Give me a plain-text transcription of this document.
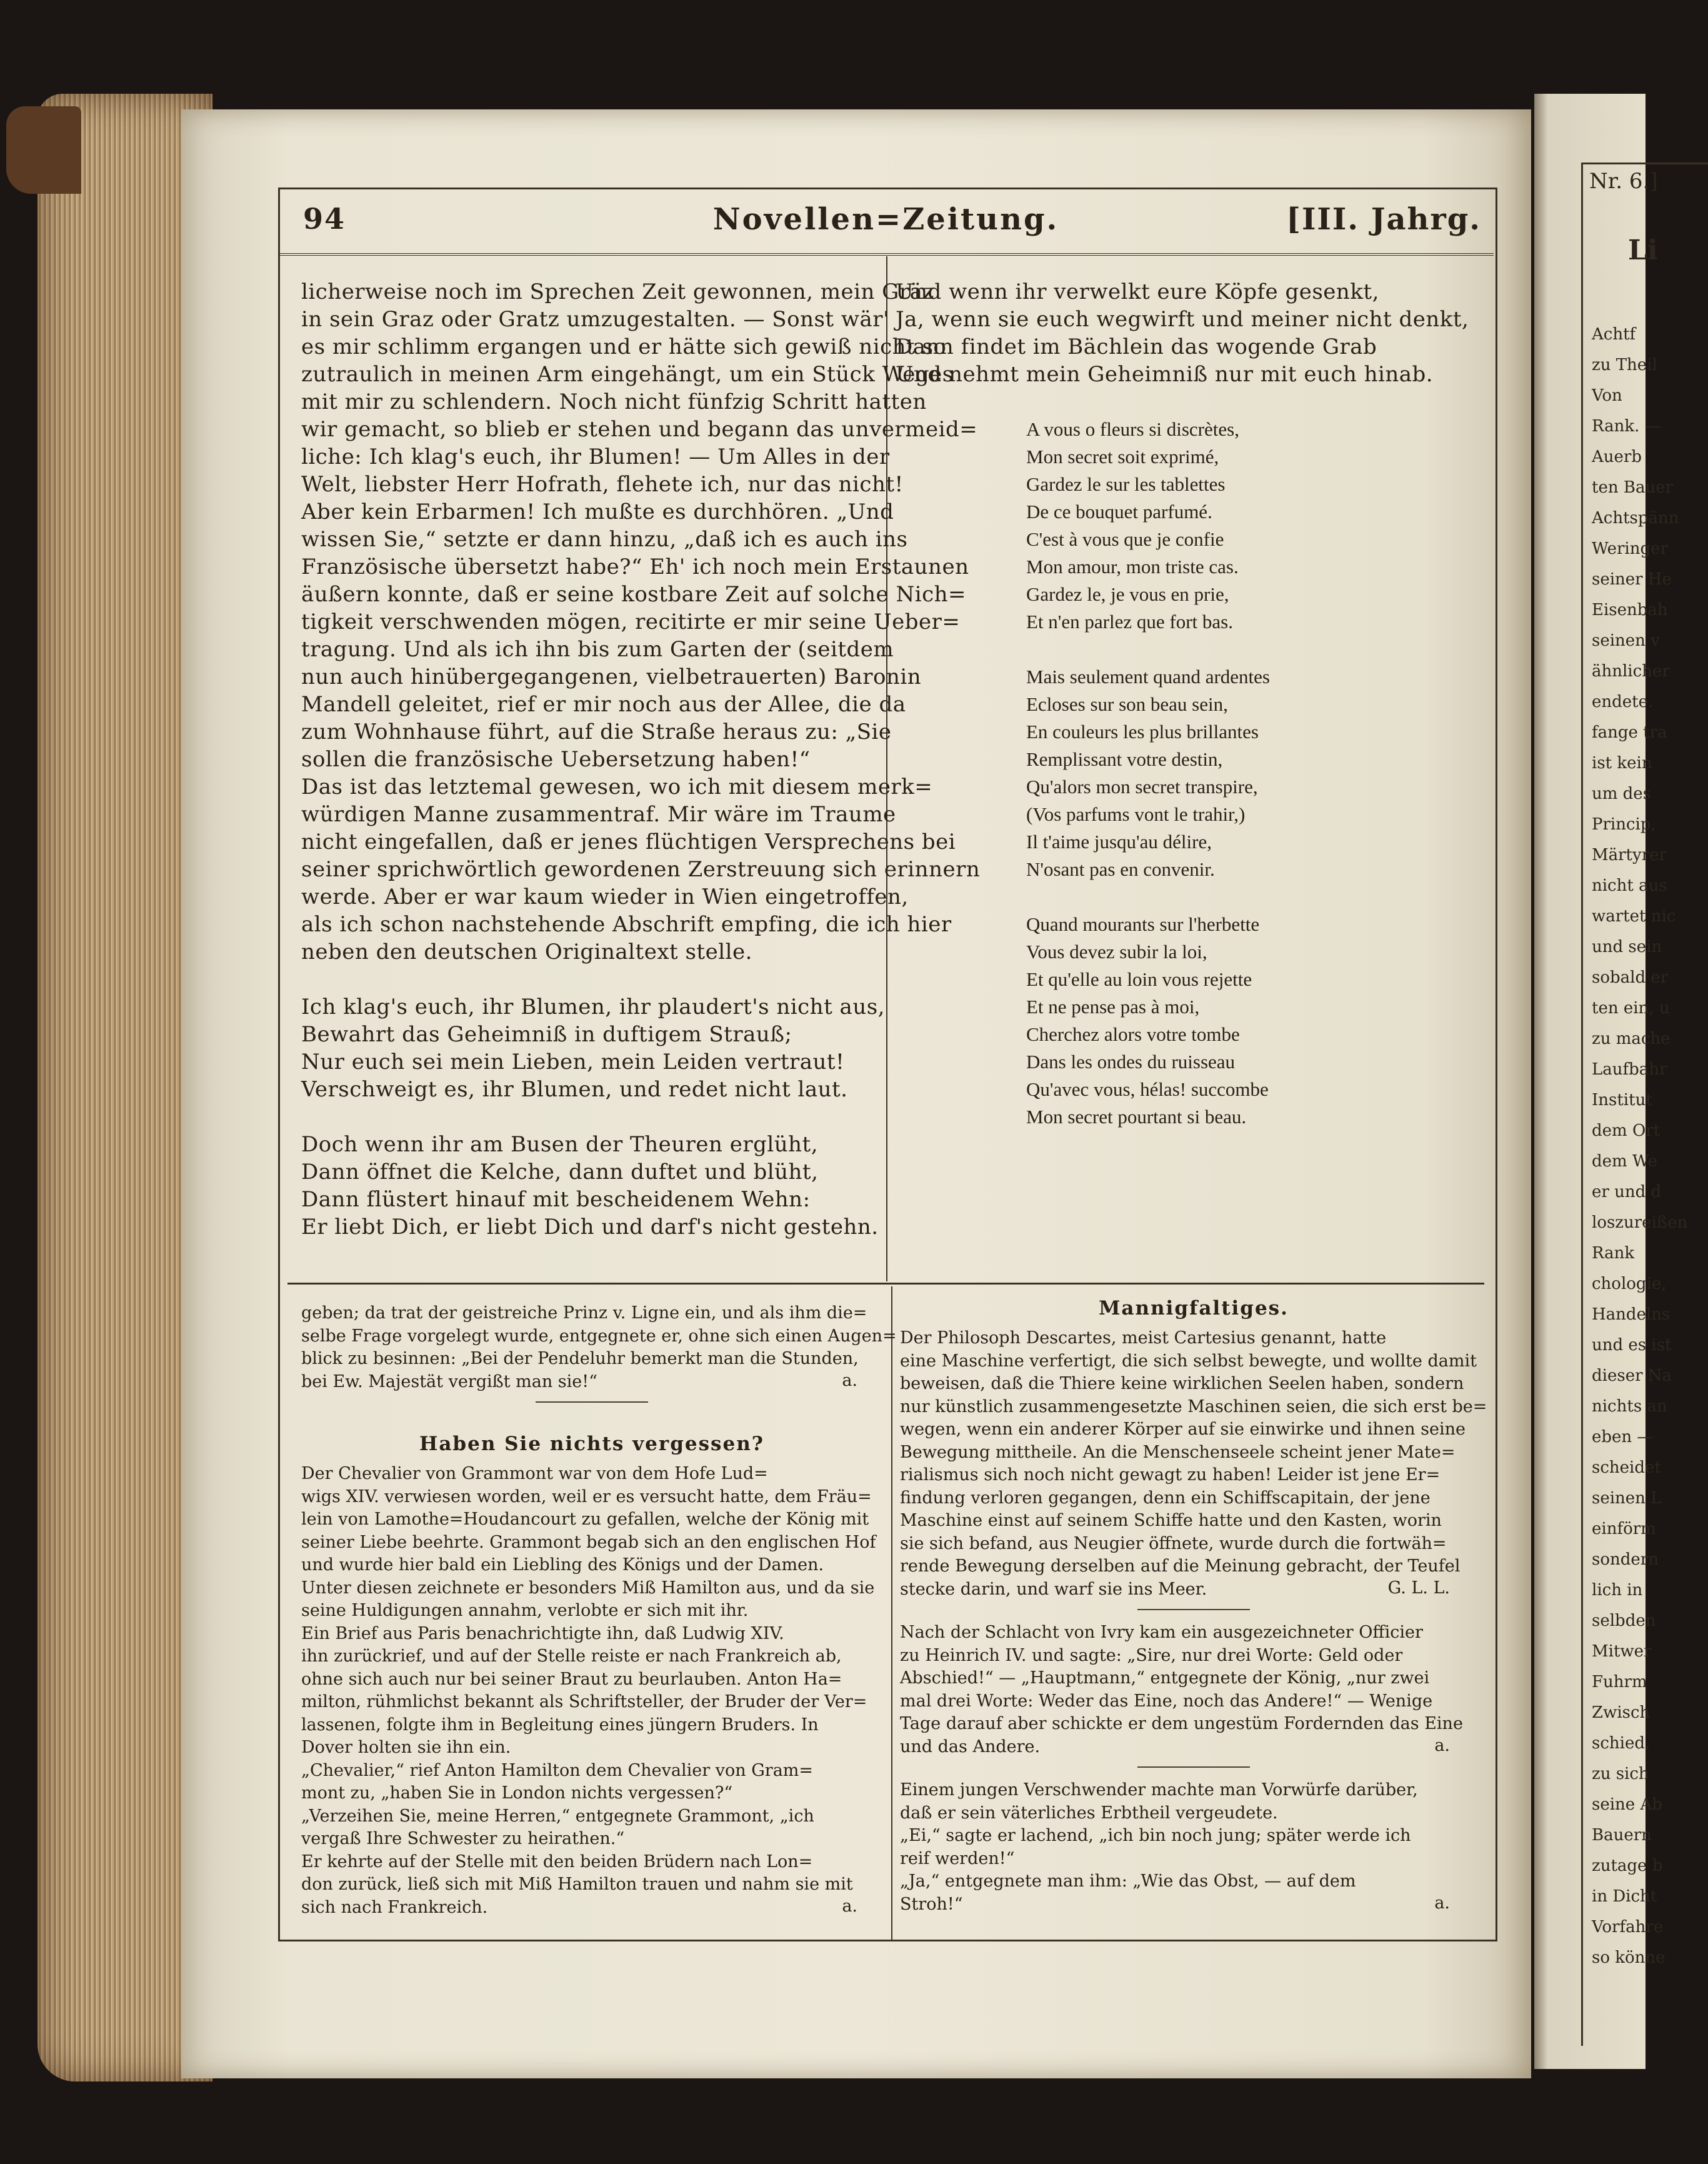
Nr. 6.]
Li
Achtf
zu Theil
Von
Rank. —
Auerb
ten Bauer
Achtspänn
Weringer
seiner He
Eisenbah
seinen v
ähnlicher
endete.
fange tra
ist kein
um des
Princip,
Märtyrer
nicht aus
wartet nic
und sein
sobald er
ten ein, u
zu mache
Laufbahr
Institut
dem Ort
dem We
er und d
loszureißen
Rank
chologie,
Handelns
und es ist
dieser Na
nichts an
eben —
scheidet
seinen L
einförm
sondern
lich in
selbden
Mitwer
Fuhrm
Zwisch
schied,
zu sich
seine Ab
Bauern
zutage b
in Dicht
Vorfahre
so könne
94	Novellen=Zeitung.	[III. Jahrg.
licherweise noch im Sprechen Zeit gewonnen, mein Gräz
in sein Graz oder Gratz umzugestalten. — Sonst wär'
es mir schlimm ergangen und er hätte sich gewiß nicht so
zutraulich in meinen Arm eingehängt, um ein Stück Weges
mit mir zu schlendern. Noch nicht fünfzig Schritt hatten
wir gemacht, so blieb er stehen und begann das unvermeid=
liche: Ich klag's euch, ihr Blumen! — Um Alles in der
Welt, liebster Herr Hofrath, flehete ich, nur das nicht!
Aber kein Erbarmen! Ich mußte es durchhören. „Und
wissen Sie,“ setzte er dann hinzu, „daß ich es auch ins
Französische übersetzt habe?“ Eh' ich noch mein Erstaunen
äußern konnte, daß er seine kostbare Zeit auf solche Nich=
tigkeit verschwenden mögen, recitirte er mir seine Ueber=
tragung. Und als ich ihn bis zum Garten der (seitdem
nun auch hinübergegangenen, vielbetrauerten) Baronin
Mandell geleitet, rief er mir noch aus der Allee, die da
zum Wohnhause führt, auf die Straße heraus zu: „Sie
sollen die französische Uebersetzung haben!“
Das ist das letztemal gewesen, wo ich mit diesem merk=
würdigen Manne zusammentraf. Mir wäre im Traume
nicht eingefallen, daß er jenes flüchtigen Versprechens bei
seiner sprichwörtlich gewordenen Zerstreuung sich erinnern
werde. Aber er war kaum wieder in Wien eingetroffen,
als ich schon nachstehende Abschrift empfing, die ich hier
neben den deutschen Originaltext stelle.
Ich klag's euch, ihr Blumen, ihr plaudert's nicht aus,
Bewahrt das Geheimniß in duftigem Strauß;
Nur euch sei mein Lieben, mein Leiden vertraut!
Verschweigt es, ihr Blumen, und redet nicht laut.
Doch wenn ihr am Busen der Theuren erglüht,
Dann öffnet die Kelche, dann duftet und blüht,
Dann flüstert hinauf mit bescheidenem Wehn:
Er liebt Dich, er liebt Dich und darf's nicht gestehn.
Und wenn ihr verwelkt eure Köpfe gesenkt,
Ja, wenn sie euch wegwirft und meiner nicht denkt,
Dann findet im Bächlein das wogende Grab
Und nehmt mein Geheimniß nur mit euch hinab.
A vous o fleurs si discrètes,
Mon secret soit exprimé,
Gardez le sur les tablettes
De ce bouquet parfumé.
C'est à vous que je confie
Mon amour, mon triste cas.
Gardez le, je vous en prie,
Et n'en parlez que fort bas.
Mais seulement quand ardentes
Ecloses sur son beau sein,
En couleurs les plus brillantes
Remplissant votre destin,
Qu'alors mon secret transpire,
(Vos parfums vont le trahir,)
Il t'aime jusqu'au délire,
N'osant pas en convenir.
Quand mourants sur l'herbette
Vous devez subir la loi,
Et qu'elle au loin vous rejette
Et ne pense pas à moi,
Cherchez alors votre tombe
Dans les ondes du ruisseau
Qu'avec vous, hélas! succombe
Mon secret pourtant si beau.
geben; da trat der geistreiche Prinz v. Ligne ein, und als ihm die=
selbe Frage vorgelegt wurde, entgegnete er, ohne sich einen Augen=
blick zu besinnen: „Bei der Pendeluhr bemerkt man die Stunden,
bei Ew. Majestät vergißt man sie!“	a.
Haben Sie nichts vergessen?
Der Chevalier von Grammont war von dem Hofe Lud=
wigs XIV. verwiesen worden, weil er es versucht hatte, dem Fräu=
lein von Lamothe=Houdancourt zu gefallen, welche der König mit
seiner Liebe beehrte. Grammont begab sich an den englischen Hof
und wurde hier bald ein Liebling des Königs und der Damen.
Unter diesen zeichnete er besonders Miß Hamilton aus, und da sie
seine Huldigungen annahm, verlobte er sich mit ihr.
Ein Brief aus Paris benachrichtigte ihn, daß Ludwig XIV.
ihn zurückrief, und auf der Stelle reiste er nach Frankreich ab,
ohne sich auch nur bei seiner Braut zu beurlauben. Anton Ha=
milton, rühmlichst bekannt als Schriftsteller, der Bruder der Ver=
lassenen, folgte ihm in Begleitung eines jüngern Bruders. In
Dover holten sie ihn ein.
„Chevalier,“ rief Anton Hamilton dem Chevalier von Gram=
mont zu, „haben Sie in London nichts vergessen?“
„Verzeihen Sie, meine Herren,“ entgegnete Grammont, „ich
vergaß Ihre Schwester zu heirathen.“
Er kehrte auf der Stelle mit den beiden Brüdern nach Lon=
don zurück, ließ sich mit Miß Hamilton trauen und nahm sie mit
sich nach Frankreich.	a.
Mannigfaltiges.
Der Philosoph Descartes, meist Cartesius genannt, hatte
eine Maschine verfertigt, die sich selbst bewegte, und wollte damit
beweisen, daß die Thiere keine wirklichen Seelen haben, sondern
nur künstlich zusammengesetzte Maschinen seien, die sich erst be=
wegen, wenn ein anderer Körper auf sie einwirke und ihnen seine
Bewegung mittheile. An die Menschenseele scheint jener Mate=
rialismus sich noch nicht gewagt zu haben! Leider ist jene Er=
findung verloren gegangen, denn ein Schiffscapitain, der jene
Maschine einst auf seinem Schiffe hatte und den Kasten, worin
sie sich befand, aus Neugier öffnete, wurde durch die fortwäh=
rende Bewegung derselben auf die Meinung gebracht, der Teufel
stecke darin, und warf sie ins Meer.	G. L. L.
Nach der Schlacht von Ivry kam ein ausgezeichneter Officier
zu Heinrich IV. und sagte: „Sire, nur drei Worte: Geld oder
Abschied!“ — „Hauptmann,“ entgegnete der König, „nur zwei
mal drei Worte: Weder das Eine, noch das Andere!“ — Wenige
Tage darauf aber schickte er dem ungestüm Fordernden das Eine
und das Andere.	a.
Einem jungen Verschwender machte man Vorwürfe darüber,
daß er sein väterliches Erbtheil vergeudete.
„Ei,“ sagte er lachend, „ich bin noch jung; später werde ich
reif werden!“
„Ja,“ entgegnete man ihm: „Wie das Obst, — auf dem
Stroh!“	a.
